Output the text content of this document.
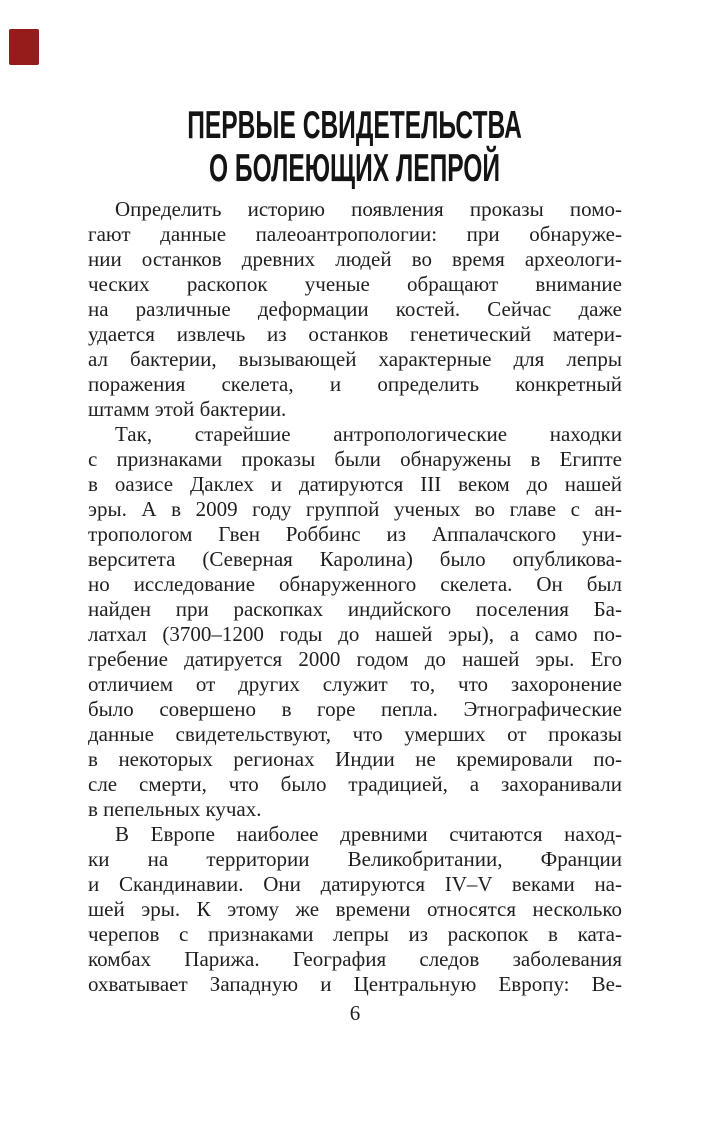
ПЕРВЫЕ СВИДЕТЕЛЬСТВА
О БОЛЕЮЩИХ ЛЕПРОЙ
Определить историю появления проказы помо-
гают данные палеоантропологии: при обнаруже-
нии останков древних людей во время археологи-
ческих раскопок ученые обращают внимание
на различные деформации костей. Сейчас даже
удается извлечь из останков генетический матери-
ал бактерии, вызывающей характерные для лепры
поражения скелета, и определить конкретный
штамм этой бактерии.
Так, старейшие антропологические находки
с признаками проказы были обнаружены в Египте
в оазисе Даклех и датируются III веком до нашей
эры. А в 2009 году группой ученых во главе с ан-
тропологом Гвен Роббинс из Аппалачского уни-
верситета (Северная Каролина) было опубликова-
но исследование обнаруженного скелета. Он был
найден при раскопках индийского поселения Ба-
латхал (3700–1200 годы до нашей эры), а само по-
гребение датируется 2000 годом до нашей эры. Его
отличием от других служит то, что захоронение
было совершено в горе пепла. Этнографические
данные свидетельствуют, что умерших от проказы
в некоторых регионах Индии не кремировали по-
сле смерти, что было традицией, а захоранивали
в пепельных кучах.
В Европе наиболее древними считаются наход-
ки на территории Великобритании, Франции
и Скандинавии. Они датируются IV–V веками на-
шей эры. К этому же времени относятся несколько
черепов с признаками лепры из раскопок в ката-
комбах Парижа. География следов заболевания
охватывает Западную и Центральную Европу: Ве-
6
